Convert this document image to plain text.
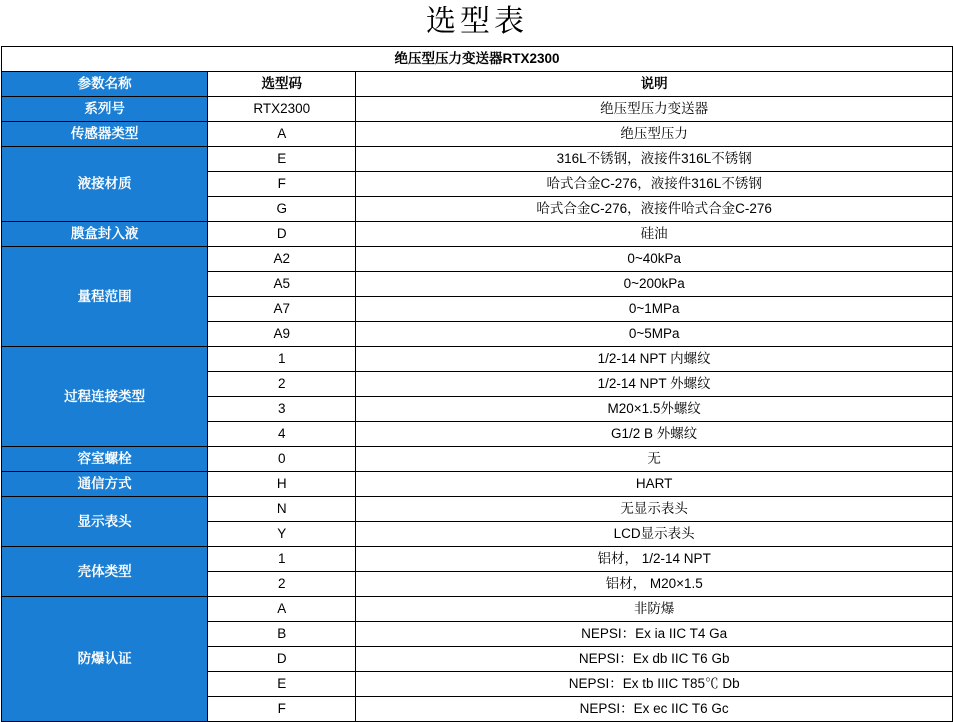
选型表
绝压型压力变送器RTX2300		
参数名称	选型码	说明
系列号	RTX2300	绝压型压力变送器
传感器类型	A	绝压型压力
液接材质	E	316L不锈钢，液接件316L不锈钢
	F	哈式合金C-276，液接件316L不锈钢
	G	哈式合金C-276，液接件哈式合金C-276
膜盒封入液	D	硅油
量程范围	A2	0~40kPa
	A5	0~200kPa
	A7	0~1MPa
	A9	0~5MPa
过程连接类型	1	1/2-14 NPT 内螺纹
	2	1/2-14 NPT 外螺纹
	3	M20×1.5外螺纹
	4	G1/2 B 外螺纹
容室螺栓	0	无
通信方式	H	HART
显示表头	N	无显示表头
	Y	LCD显示表头
壳体类型	1	铝材， 1/2-14 NPT
	2	铝材， M20×1.5
防爆认证	A	非防爆
	B	NEPSI：Ex ia IIC T4 Ga
	D	NEPSI：Ex db IIC T6 Gb
	E	NEPSI：Ex tb IIIC T85℃ Db
	F	NEPSI：Ex ec IIC T6 Gc
